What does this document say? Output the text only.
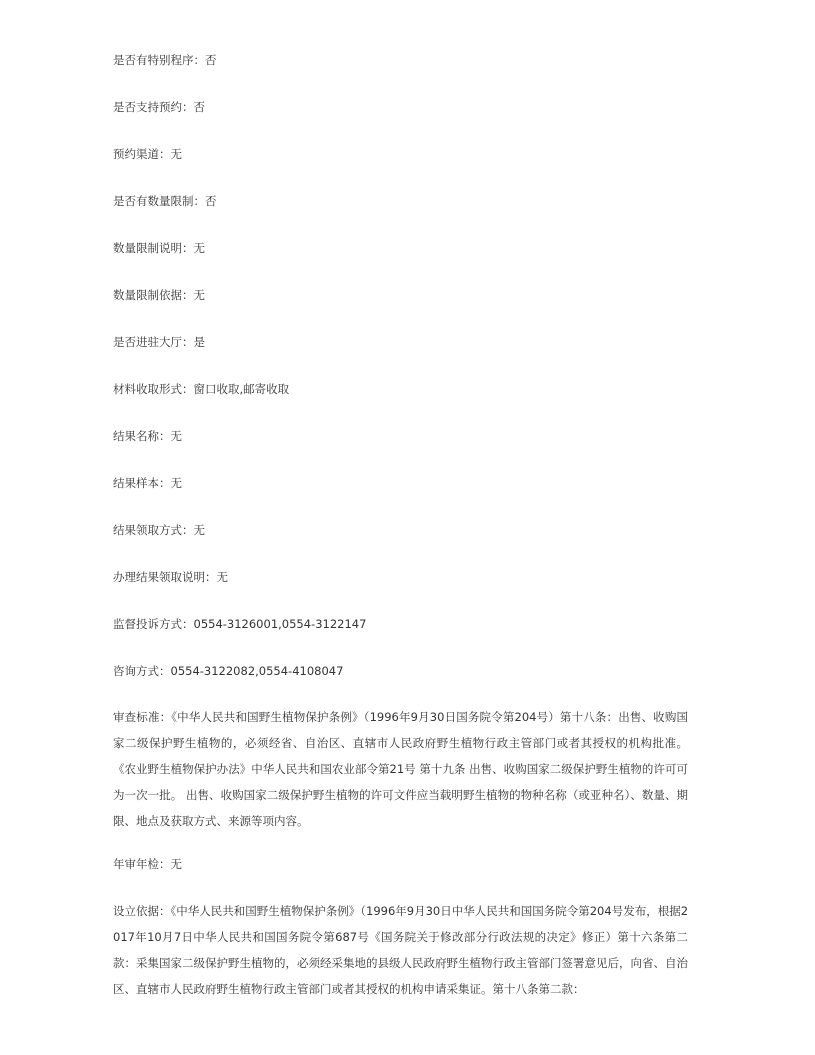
是否有特别程序：否
是否支持预约：否
预约渠道：无
是否有数量限制：否
数量限制说明：无
数量限制依据：无
是否进驻大厅：是
材料收取形式：窗口收取,邮寄收取
结果名称：无
结果样本：无
结果领取方式：无
办理结果领取说明：无
监督投诉方式：0554-3126001,0554-3122147
咨询方式：0554-3122082,0554-4108047
审查标准：《中华人民共和国野生植物保护条例》（1996年9月30日国务院令第204号）第十八条：出售、收购国家二级保护野生植物的，必须经省、自治区、直辖市人民政府野生植物行政主管部门或者其授权的机构批准。 《农业野生植物保护办法》中华人民共和国农业部令第21号 第十九条 出售、收购国家二级保护野生植物的许可可为一次一批。 出售、收购国家二级保护野生植物的许可文件应当载明野生植物的物种名称（或亚种名）、数量、期限、地点及获取方式、来源等项内容。
年审年检：无
设立依据：《中华人民共和国野生植物保护条例》（1996年9月30日中华人民共和国国务院令第204号发布，根据2017年10月7日中华人民共和国国务院令第687号《国务院关于修改部分行政法规的决定》修正）第十六条第二款：采集国家二级保护野生植物的，必须经采集地的县级人民政府野生植物行政主管部门签署意见后，向省、自治区、直辖市人民政府野生植物行政主管部门或者其授权的机构申请采集证。第十八条第二款：
